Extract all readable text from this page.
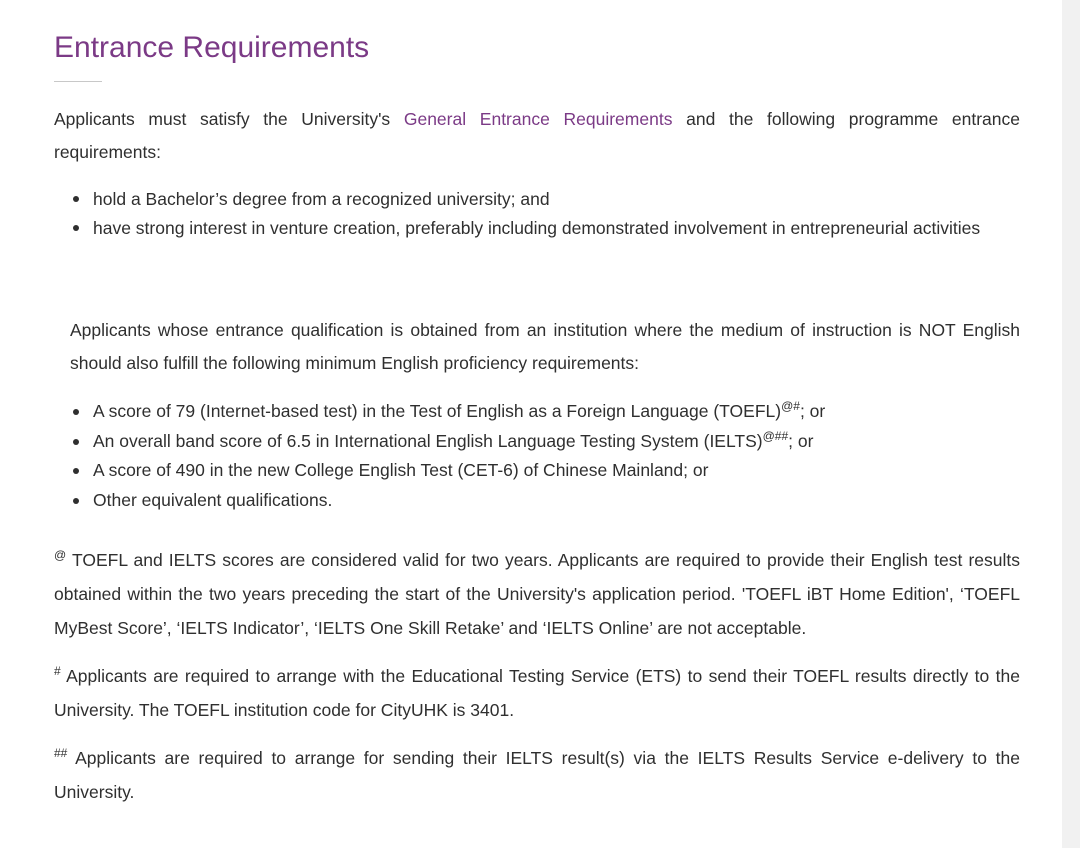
Entrance Requirements

Applicants must satisfy the University's General Entrance Requirements and the following programme entrance requirements:

hold a Bachelor’s degree from a recognized university; and
have strong interest in venture creation, preferably including demonstrated involvement in entrepreneurial activities

Applicants whose entrance qualification is obtained from an institution where the medium of instruction is NOT English should also fulfill the following minimum English proficiency requirements:

A score of 79 (Internet-based test) in the Test of English as a Foreign Language (TOEFL)@#; or
An overall band score of 6.5 in International English Language Testing System (IELTS)@##; or
A score of 490 in the new College English Test (CET-6) of Chinese Mainland; or
Other equivalent qualifications.

@ TOEFL and IELTS scores are considered valid for two years. Applicants are required to provide their English test results obtained within the two years preceding the start of the University's application period. 'TOEFL iBT Home Edition', ‘TOEFL MyBest Score’, ‘IELTS Indicator’, ‘IELTS One Skill Retake’ and ‘IELTS Online’ are not acceptable.

# Applicants are required to arrange with the Educational Testing Service (ETS) to send their TOEFL results directly to the University. The TOEFL institution code for CityUHK is 3401.

## Applicants are required to arrange for sending their IELTS result(s) via the IELTS Results Service e-delivery to the University.
